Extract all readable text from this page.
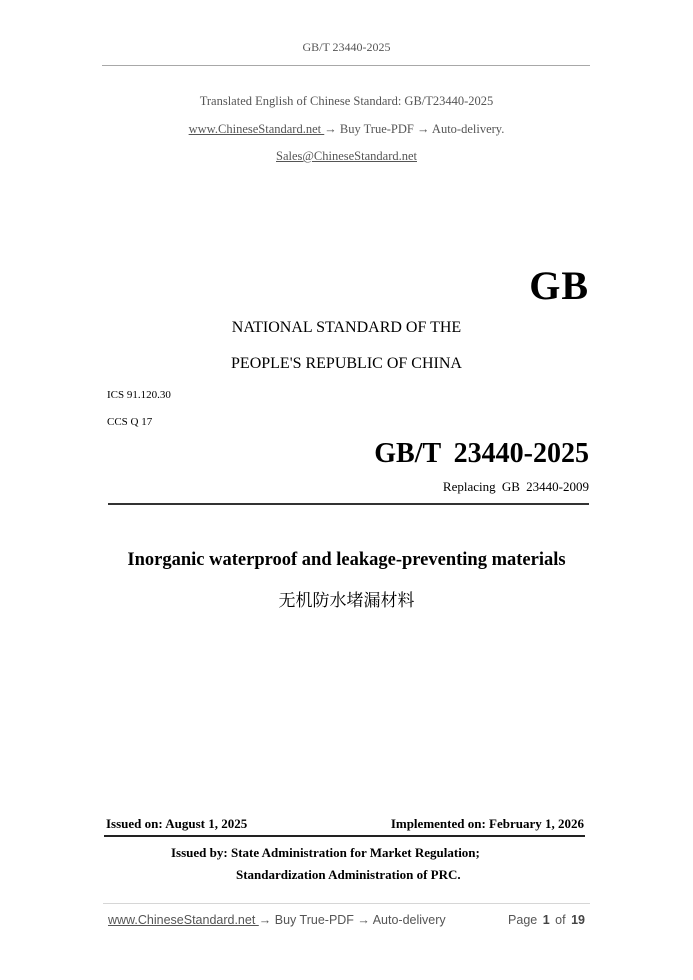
GB/T 23440-2025
Translated English of Chinese Standard: GB/T23440-2025
www.ChineseStandard.net → Buy True-PDF → Auto-delivery.
Sales@ChineseStandard.net
GB
NATIONAL STANDARD OF THE
PEOPLE'S REPUBLIC OF CHINA
ICS 91.120.30
CCS Q 17
GB/T 23440-2025
Replacing GB 23440-2009
Inorganic waterproof and leakage-preventing materials
无机防水堵漏材料
Issued on: August 1, 2025	Implemented on: February 1, 2026
Issued by: State Administration for Market Regulation;
Standardization Administration of PRC.
www.ChineseStandard.net → Buy True-PDF → Auto-delivery	Page 1 of 19
